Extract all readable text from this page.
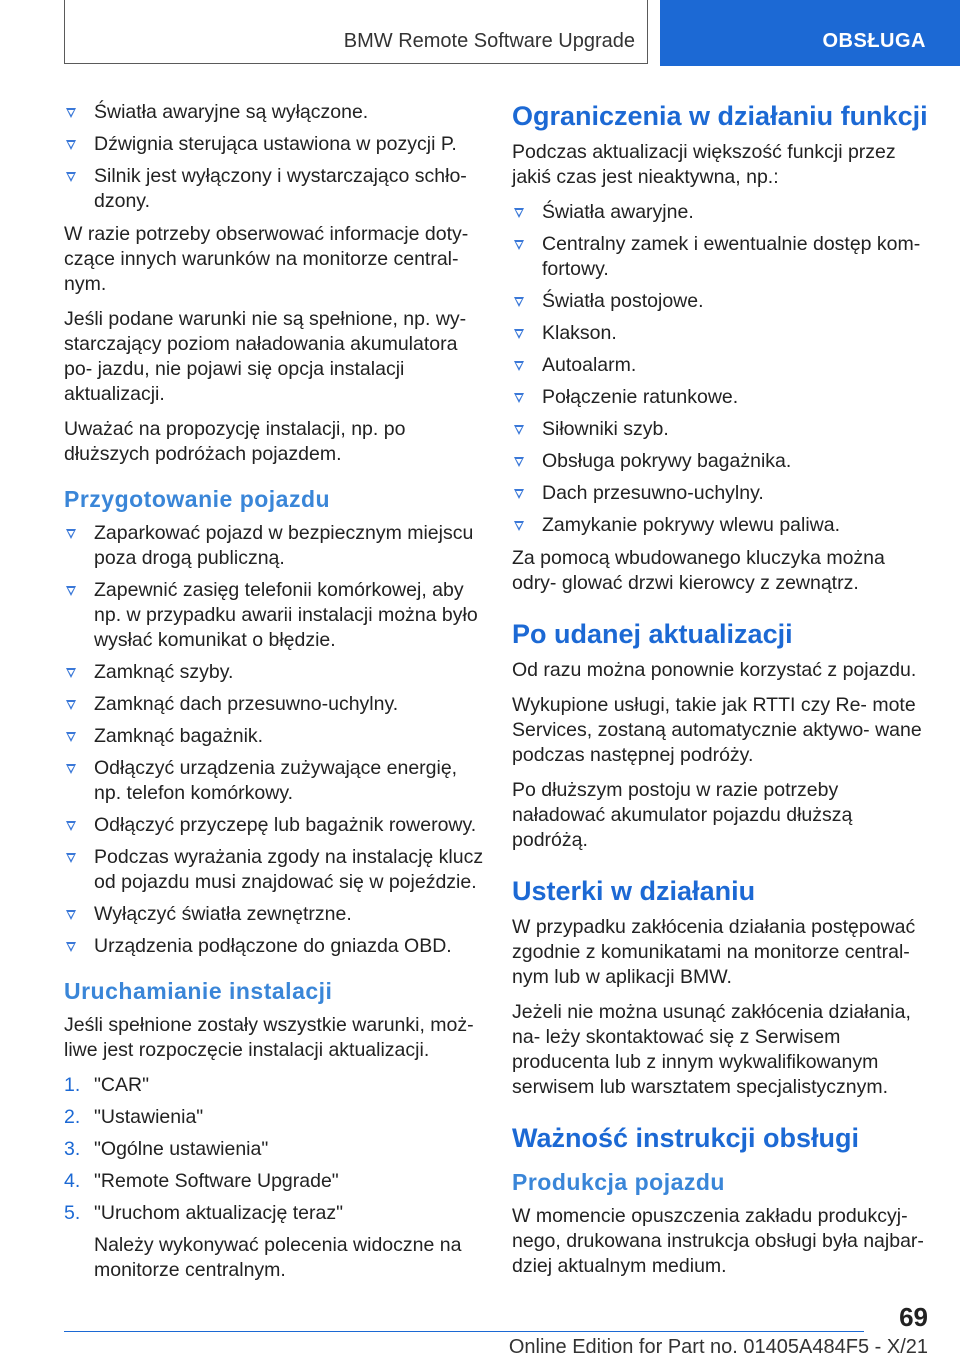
BMW Remote Software Upgrade	OBSŁUGA
Światła awaryjne są wyłączone.
Dźwignia sterująca ustawiona w pozycji P.
Silnik jest wyłączony i wystarczająco schło- dzony.

W razie potrzeby obserwować informacje doty- czące innych warunków na monitorze central- nym.

Jeśli podane warunki nie są spełnione, np. wy- starczający poziom naładowania akumulatora po- jazdu, nie pojawi się opcja instalacji aktualizacji.

Uważać na propozycję instalacji, np. po dłuższych podróżach pojazdem.

Przygotowanie pojazdu
Zaparkować pojazd w bezpiecznym miejscu poza drogą publiczną.
Zapewnić zasięg telefonii komórkowej, aby np. w przypadku awarii instalacji można było wysłać komunikat o błędzie.
Zamknąć szyby.
Zamknąć dach przesuwno-uchylny.
Zamknąć bagażnik.
Odłączyć urządzenia zużywające energię, np. telefon komórkowy.
Odłączyć przyczepę lub bagażnik rowerowy.
Podczas wyrażania zgody na instalację klucz od pojazdu musi znajdować się w pojeździe.
Wyłączyć światła zewnętrzne.
Urządzenia podłączone do gniazda OBD.
Uruchamianie instalacji

Jeśli spełnione zostały wszystkie warunki, moż- liwe jest rozpoczęcie instalacji aktualizacji.

1. "CAR"
2. "Ustawienia"
3. "Ogólne ustawienia"
4. "Remote Software Upgrade"
5. "Uruchom aktualizację teraz"

Należy wykonywać polecenia widoczne na monitorze centralnym.

Ograniczenia w działaniu funkcji

Podczas aktualizacji większość funkcji przez jakiś czas jest nieaktywna, np.:

Światła awaryjne.
Centralny zamek i ewentualnie dostęp kom- fortowy.
Światła postojowe.
Klakson.
Autoalarm.
Połączenie ratunkowe.
Siłowniki szyb.
Obsługa pokrywy bagażnika.
Dach przesuwno-uchylny.
Zamykanie pokrywy wlewu paliwa.

Za pomocą wbudowanego kluczyka można odry- glować drzwi kierowcy z zewnątrz.

Po udanej aktualizacji

Od razu można ponownie korzystać z pojazdu.

Wykupione usługi, takie jak RTTI czy Re- mote Services, zostaną automatycznie aktywo- wane podczas następnej podróży.

Po dłuższym postoju w razie potrzeby naładować akumulator pojazdu dłuższą podróżą.

Usterki w działaniu

W przypadku zakłócenia działania postępować zgodnie z komunikatami na monitorze central- nym lub w aplikacji BMW.

Jeżeli nie można usunąć zakłócenia działania, na- leży skontaktować się z Serwisem producenta lub z innym wykwalifikowanym serwisem lub warsztatem specjalistycznym.

Ważność instrukcji obsługi
Produkcja pojazdu

W momencie opuszczenia zakładu produkcyj- nego, drukowana instrukcja obsługi była najbar- dziej aktualnym medium.

69
Online Edition for Part no. 01405A484F5 - X/21
